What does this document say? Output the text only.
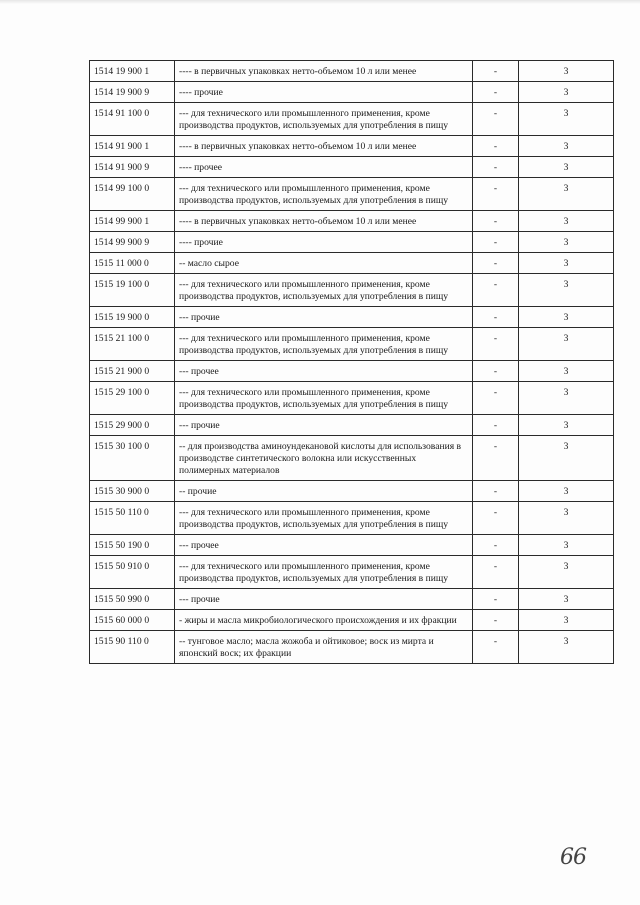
1514 19 900 1	---- в первичных упаковках нетто-объемом 10 л или менее	-	3
1514 19 900 9	---- прочие	-	3
1514 91 100 0	--- для технического или промышленного применения, кроме производства продуктов, используемых для употребления в пищу	-	3
1514 91 900 1	---- в первичных упаковках нетто-объемом 10 л или менее	-	3
1514 91 900 9	---- прочее	-	3
1514 99 100 0	--- для технического или промышленного применения, кроме производства продуктов, используемых для употребления в пищу	-	3
1514 99 900 1	---- в первичных упаковках нетто-объемом 10 л или менее	-	3
1514 99 900 9	---- прочие	-	3
1515 11 000 0	-- масло сырое	-	3
1515 19 100 0	--- для технического или промышленного применения, кроме производства продуктов, используемых для употребления в пищу	-	3
1515 19 900 0	--- прочие	-	3
1515 21 100 0	--- для технического или промышленного применения, кроме производства продуктов, используемых для употребления в пищу	-	3
1515 21 900 0	--- прочее	-	3
1515 29 100 0	--- для технического или промышленного применения, кроме производства продуктов, используемых для употребления в пищу	-	3
1515 29 900 0	--- прочие	-	3
1515 30 100 0	-- для производства аминоундекановой кислоты для использования в производстве синтетического волокна или искусственных полимерных материалов	-	3
1515 30 900 0	-- прочие	-	3
1515 50 110 0	--- для технического или промышленного применения, кроме производства продуктов, используемых для употребления в пищу	-	3
1515 50 190 0	--- прочее	-	3
1515 50 910 0	--- для технического или промышленного применения, кроме производства продуктов, используемых для употребления в пищу	-	3
1515 50 990 0	--- прочие	-	3
1515 60 000 0	- жиры и масла микробиологического происхождения и их фракции	-	3
1515 90 110 0	-- тунговое масло; масла жожоба и ойтиковое; воск из мирта и японский воск; их фракции	-	3
66
